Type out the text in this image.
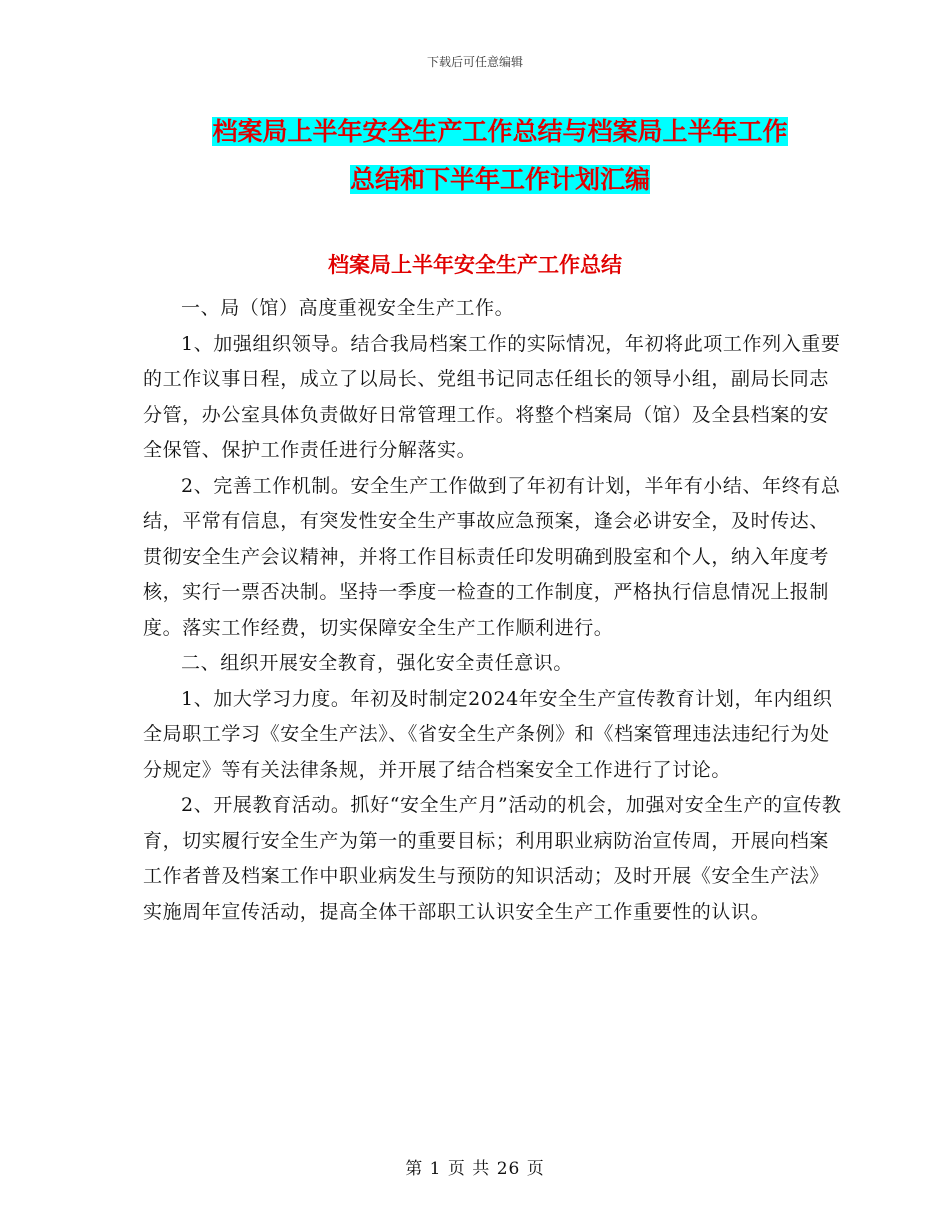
下载后可任意编辑
档案局上半年安全生产工作总结与档案局上半年工作
总结和下半年工作计划汇编
档案局上半年安全生产工作总结

一、局（馆）高度重视安全生产工作。

1、加强组织领导。结合我局档案工作的实际情况，年初将此项工作列入重要的工作议事日程，成立了以局长、党组书记同志任组长的领导小组，副局长同志分管，办公室具体负责做好日常管理工作。将整个档案局（馆）及全县档案的安全保管、保护工作责任进行分解落实。

2、完善工作机制。安全生产工作做到了年初有计划，半年有小结、年终有总结，平常有信息，有突发性安全生产事故应急预案，逢会必讲安全，及时传达、贯彻安全生产会议精神，并将工作目标责任印发明确到股室和个人，纳入年度考核，实行一票否决制。坚持一季度一检查的工作制度，严格执行信息情况上报制度。落实工作经费，切实保障安全生产工作顺利进行。

二、组织开展安全教育，强化安全责任意识。

1、加大学习力度。年初及时制定2024年安全生产宣传教育计划，年内组织全局职工学习《安全生产法》、《省安全生产条例》和《档案管理违法违纪行为处分规定》等有关法律条规，并开展了结合档案安全工作进行了讨论。

2、开展教育活动。抓好“安全生产月”活动的机会，加强对安全生产的宣传教育，切实履行安全生产为第一的重要目标；利用职业病防治宣传周，开展向档案工作者普及档案工作中职业病发生与预防的知识活动；及时开展《安全生产法》实施周年宣传活动，提高全体干部职工认识安全生产工作重要性的认识。

第 1 页 共 26 页
